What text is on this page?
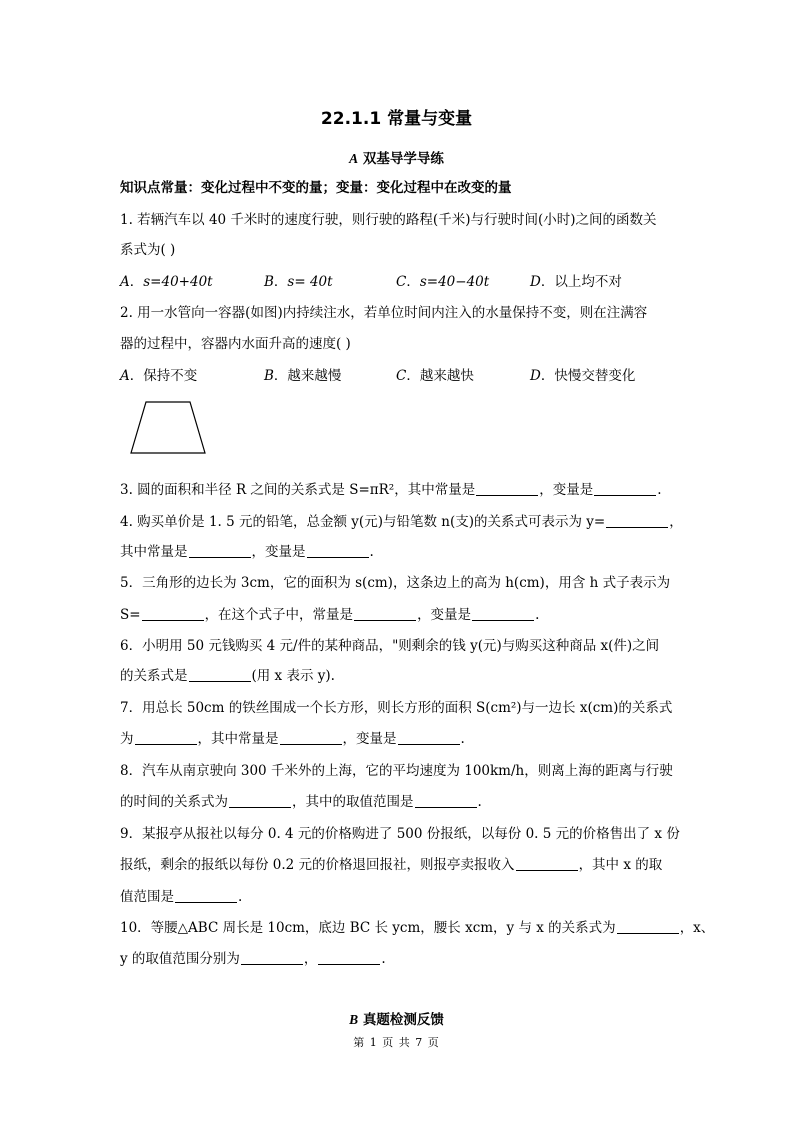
22.1.1 常量与变量
A 双基导学导练
知识点常量：变化过程中不变的量；变量：变化过程中在改变的量
1. 若辆汽车以 40 千米时的速度行驶，则行驶的路程(千米)与行驶时间(小时)之间的函数关
系式为( )
A．s=40+40t	B．s= 40t	C．s=40−40t	D．以上均不对
2. 用一水管向一容器(如图)内持续注水，若单位时间内注入的水量保持不变，则在注满容
器的过程中，容器内水面升高的速度( )
A．保持不变	B．越来越慢	C．越来越快	D．快慢交替变化
3. 圆的面积和半径 R 之间的关系式是 S=πR²，其中常量是	，变量是	.
4. 购买单价是 1. 5 元的铅笔，总金额 y(元)与铅笔数 n(支)的关系式可表示为 y=	，
其中常量是	，变量是	.
5．三角形的边长为 3cm，它的面积为 s(cm)，这条边上的高为 h(cm)，用含 h 式子表示为
S=	，在这个式子中，常量是	，变量是	.
6．小明用 50 元钱购买 4 元/件的某种商品，"则剩余的钱 y(元)与购买这种商品 x(件)之间
的关系式是	(用 x 表示 y).
7．用总长 50cm 的铁丝围成一个长方形，则长方形的面积 S(cm²)与一边长 x(cm)的关系式
为	，其中常量是	，变量是	.
8．汽车从南京驶向 300 千米外的上海，它的平均速度为 100km/h，则离上海的距离与行驶
的时间的关系式为	，其中的取值范围是	.
9．某报亭从报社以每分 0. 4 元的价格购进了 500 份报纸，以每份 0. 5 元的价格售出了 x 份
报纸，剩余的报纸以每份 0.2 元的价格退回报社，则报亭卖报收入	，其中 x 的取
值范围是	.
10．等腰△ABC 周长是 10cm，底边 BC 长 ycm，腰长 xcm，y 与 x 的关系式为	，x、
y 的取值范围分别为	，	.
B 真题检测反馈
第 1 页 共 7 页
